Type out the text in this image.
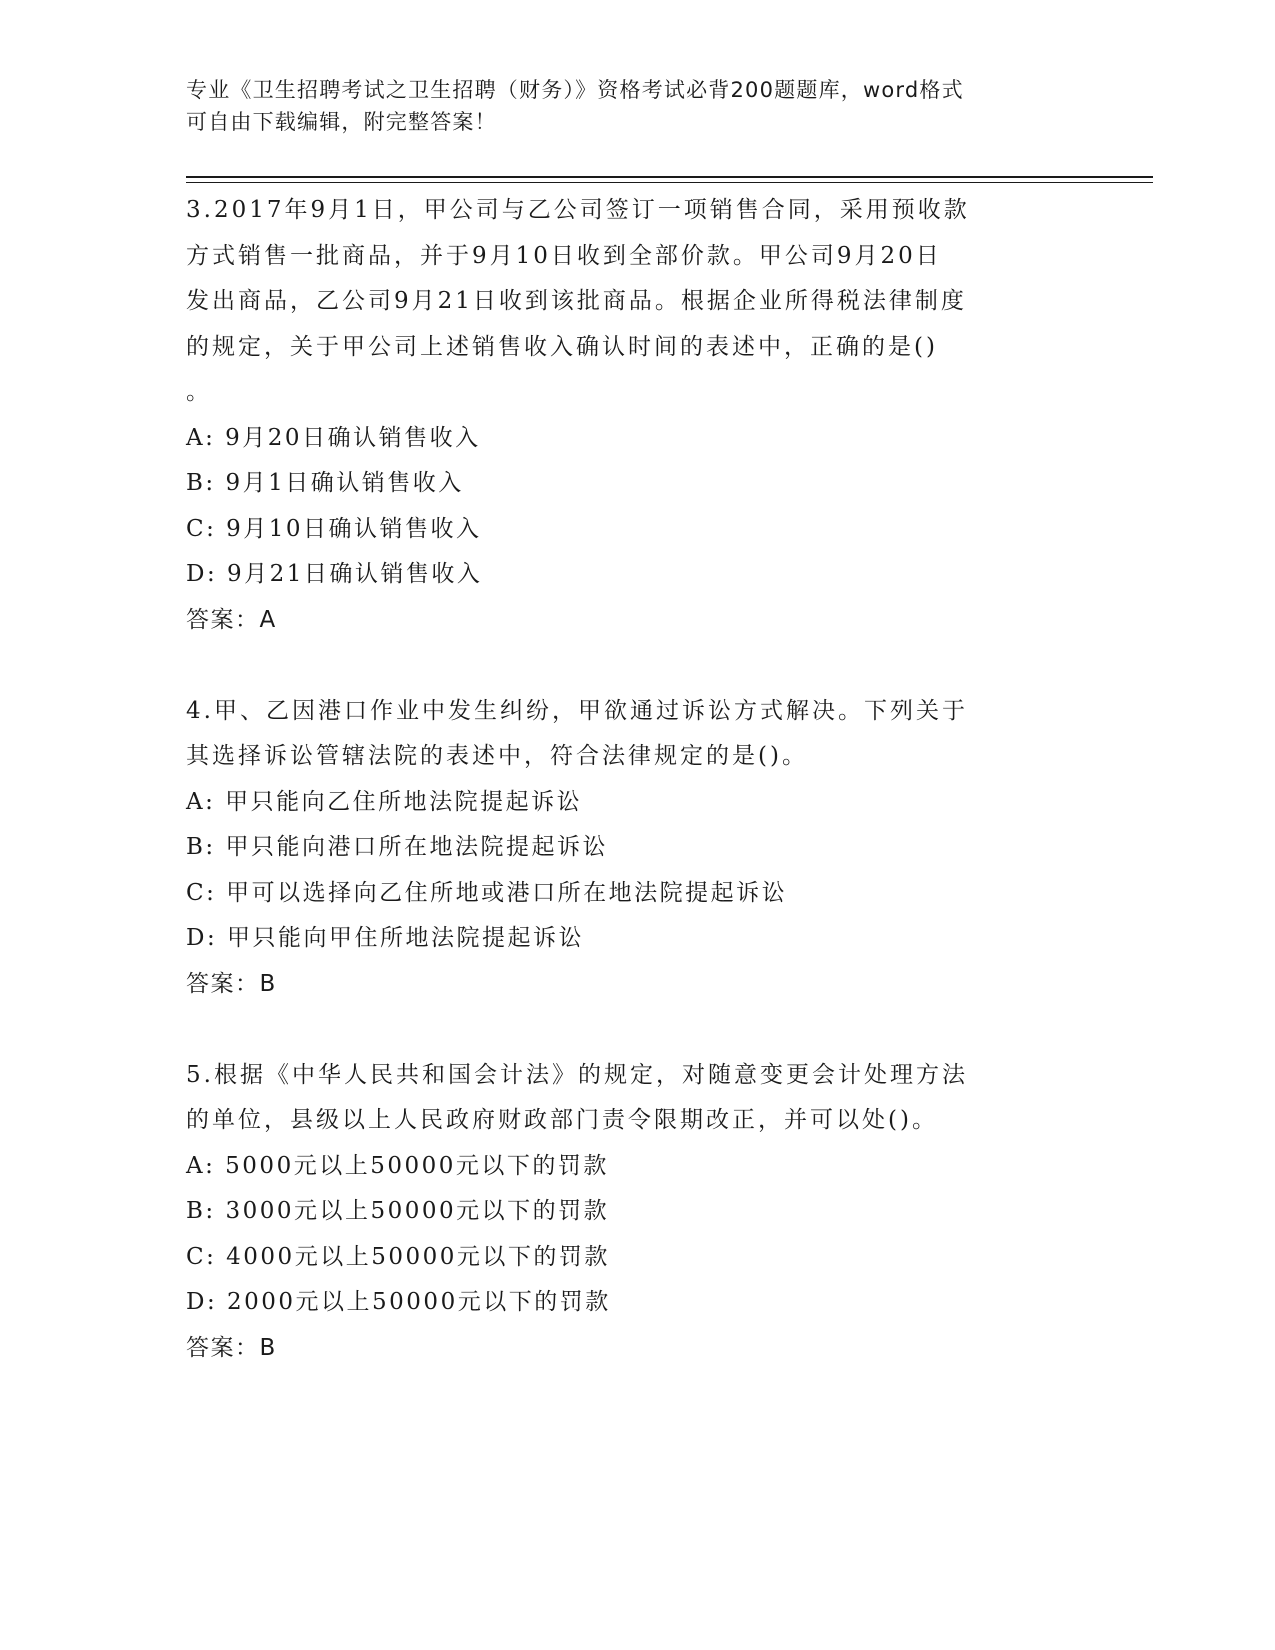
专业《卫生招聘考试之卫生招聘（财务）》资格考试必背200题题库，word格式
可自由下载编辑，附完整答案！

3.2017年9月1日，甲公司与乙公司签订一项销售合同，采用预收款

方式销售一批商品，并于9月10日收到全部价款。甲公司9月20日

发出商品，乙公司9月21日收到该批商品。根据企业所得税法律制度

的规定，关于甲公司上述销售收入确认时间的表述中，正确的是()

。

A: 9月20日确认销售收入

B: 9月1日确认销售收入

C: 9月10日确认销售收入

D: 9月21日确认销售收入

答案：A

4.甲、乙因港口作业中发生纠纷，甲欲通过诉讼方式解决。下列关于

其选择诉讼管辖法院的表述中，符合法律规定的是()。

A: 甲只能向乙住所地法院提起诉讼

B: 甲只能向港口所在地法院提起诉讼

C: 甲可以选择向乙住所地或港口所在地法院提起诉讼

D: 甲只能向甲住所地法院提起诉讼

答案：B

5.根据《中华人民共和国会计法》的规定，对随意变更会计处理方法

的单位，县级以上人民政府财政部门责令限期改正，并可以处()。

A: 5000元以上50000元以下的罚款

B: 3000元以上50000元以下的罚款

C: 4000元以上50000元以下的罚款

D: 2000元以上50000元以下的罚款

答案：B
